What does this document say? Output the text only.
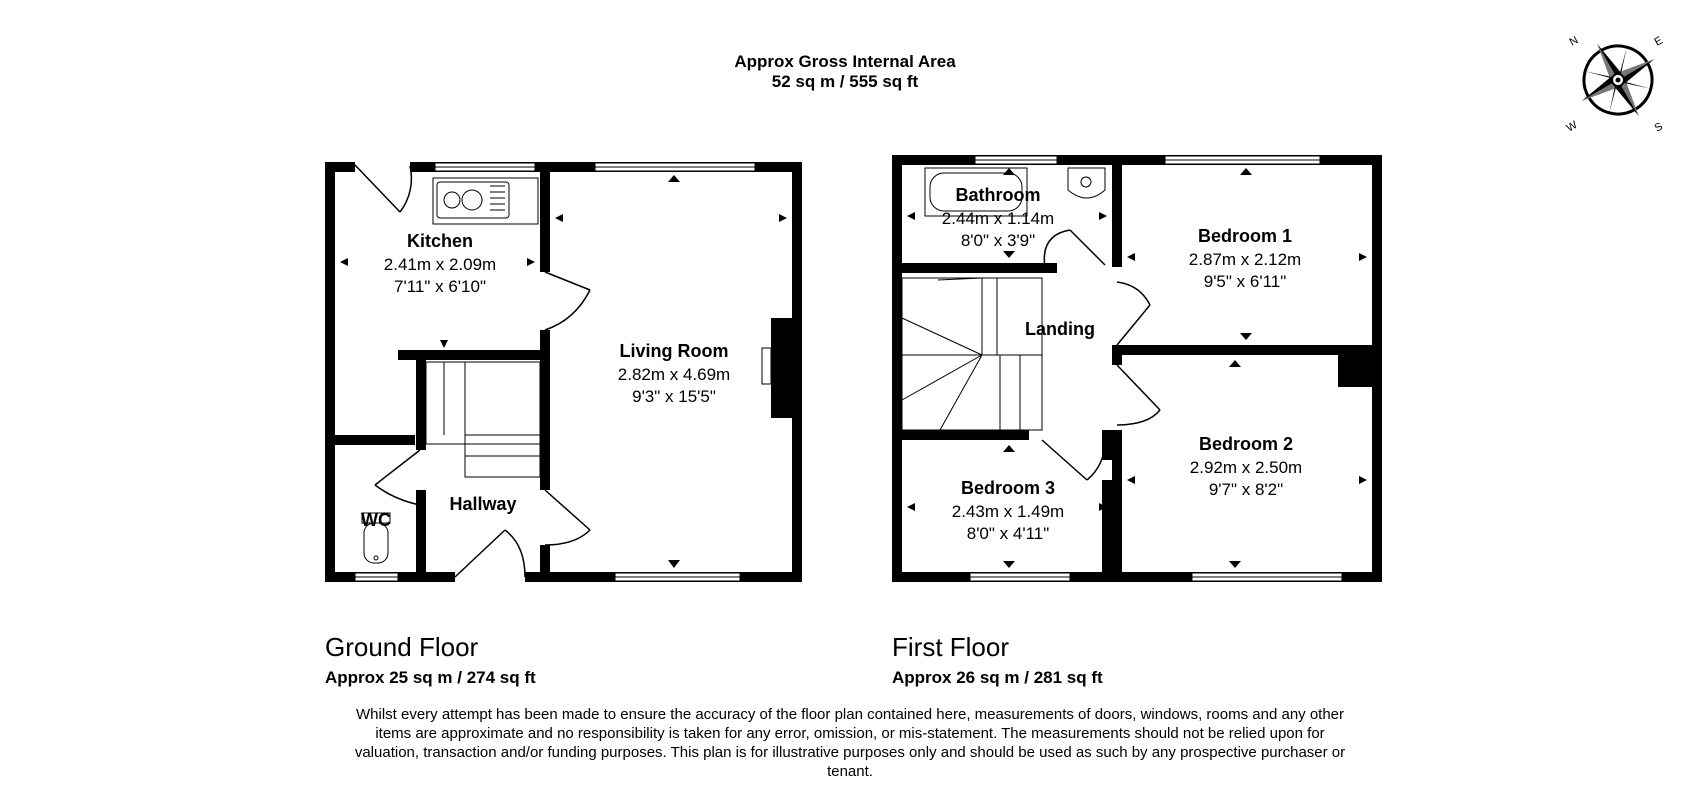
N	E
S
W
Kitchen
2.41m x 2.09m
7'11" x 6'10"
Living Room
2.82m x 4.69m
9'3" x 15'5"
WC
Hallway
Bathroom
2.44m x 1.14m
8'0" x 3'9"	Bedroom 1
2.87m x 2.12m
9'5" x 6'11"
Landing
Bedroom 2
2.92m x 2.50m
9'7" x 8'2"
Bedroom 3
2.43m x 1.49m
8'0" x 4'11"
Approx Gross Internal Area
52 sq m / 555 sq ft
Ground Floor
Approx 25 sq m / 274 sq ft
First Floor
Approx 26 sq m / 281 sq ft
Whilst every attempt has been made to ensure the accuracy of the floor plan contained here, measurements of doors, windows, rooms and any other items are approximate and no responsibility is taken for any error, omission, or mis-statement. The measurements should not be relied upon for valuation, transaction and/or funding purposes. This plan is for illustrative purposes only and should be used as such by any prospective purchaser or tenant.
